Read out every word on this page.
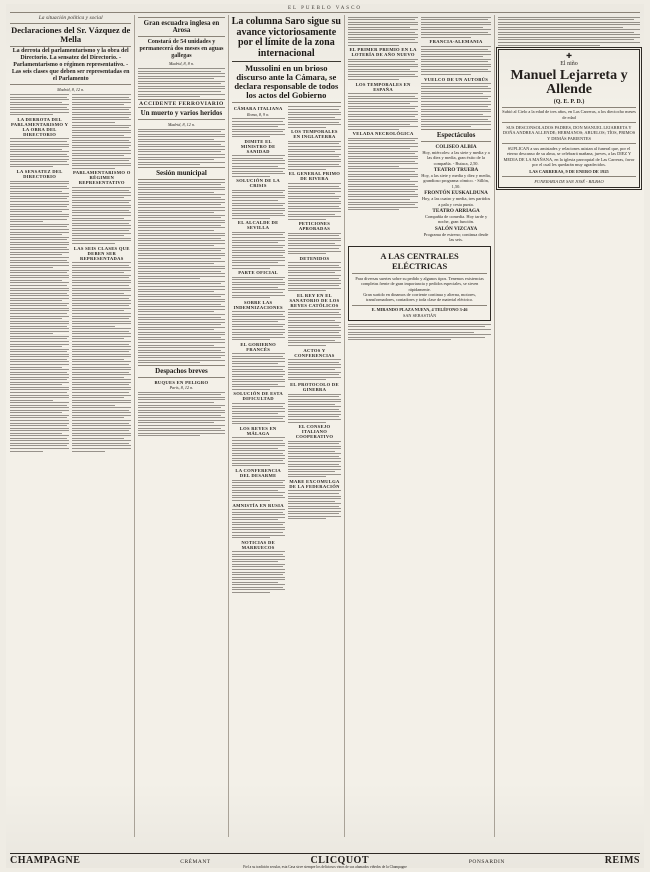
EL PUEBLO VASCO
La situación política y social
Declaraciones del Sr. Vázquez de Mella
La derrota del parlamentarismo y la obra del Directorio. La sensatez del Directorio. - Parlamentarismo o régimen representativo. - Las seis clases que deben ser representadas en el Parlamento
Madrid, 8, 12 n.
LA DERROTA DEL PARLAMENTARISMO Y LA OBRA DEL DIRECTORIO
LA SENSATEZ DEL DIRECTORIO
PARLAMENTARISMO O RÉGIMEN REPRESENTATIVO
LAS SEIS CLASES QUE DEBEN SER REPRESENTADAS
Gran escuadra inglesa en Arosa
Constará de 54 unidades y permanecerá dos meses en aguas gallegas
Madrid, 8, 8 n.
ACCIDENTE FERROVIARIO
Un muerto y varios heridos
Madrid, 8, 12 n.
Sesión municipal
Despachos breves
BUQUES EN PELIGRO
París, 8, 12 n.
La columna Saro sigue su avance victoriosamente por el límite de la zona internacional
Mussolini en un brioso discurso ante la Cámara, se declara responsable de todos los actos del Gobierno
CÁMARA ITALIANA
Roma, 8, 9 n.
DIMITE EL MINISTRO DE SANIDAD
SOLUCIÓN DE LA CRISIS
EL ALCALDE DE SEVILLA
PARTE OFICIAL
SOBRE LAS INDEMNIZACIONES
EL GOBIERNO FRANCÉS
SOLUCIÓN DE ESTA DIFICULTAD
LOS REYES EN MÁLAGA
LA CONFERENCIA DEL DESARME
AMNISTÍA EN RUSIA
NOTICIAS DE MARRUECOS
LOS TEMPORALES EN INGLATERRA
EL GENERAL PRIMO DE RIVERA
PETICIONES APROBADAS
DETENIDOS
EL REY EN EL SANATORIO DE LOS REYES CATÓLICOS
ACTOS Y CONFERENCIAS
EL PROTOCOLO DE GINEBRA
EL CONSEJO ITALIANO COOPERATIVO
MARE EXCOMULGA DE LA FEDERACIÓN
EL PRIMER PREMIO EN LA LOTERÍA DE AÑO NUEVO
LOS TEMPORALES EN ESPAÑA
VELADA NECROLÓGICA
FRANCIA-ALEMANIA
VUELCO DE UN AUTOBÚS
Espectáculos
COLISEO ALBIA
Hoy, miércoles: a las siete y media y a las diez y media, gran éxito de la compañía. - Butaca, 2,50.
TEATRO TRUEBA
Hoy, a las siete y media y diez y media, grandioso programa cómico. - Sillón, 1,50.
FRONTÓN EUSKALDUNA
Hoy, a las cuatro y media, tres partidos a pala y cesta punta.
TEATRO ARRIAGA
Compañía de comedia. Hoy tarde y noche, gran función.
SALÓN VIZCAYA
Programa de estreno; continua desde las seis.
A LAS CENTRALES ELÉCTRICAS
Para diversas suertes sobre su pedido y algunos tipos. Tenemos existencias completas frente de gran importancia y pedidos especiales, se sirven rápidamente.
Gran surtido en dinamos de corriente continua y alterna, motores, transformadores, contadores y toda clase de material eléctrico.
E. MIRANDO PLAZA NUEVA, 4 TELÉFONO 3-46
SAN SEBASTIÁN
✚
El niño
Manuel Lejarreta y Allende
(Q. E. P. D.)
Subió al Cielo a la edad de tres años, en Las Carreras, a los dieciocho meses de edad
SUS DESCONSOLADOS PADRES, DON MANUEL LEJARRETA Y DOÑA ANDREA ALLENDE; HERMANOS; ABUELOS; TÍOS, PRIMOS Y DEMÁS PARIENTES
SUPLICAN a sus amistades y relaciones asistan al funeral que, por el eterno descanso de su alma, se celebrará mañana, jueves, a las DIEZ Y MEDIA DE LA MAÑANA, en la iglesia parroquial de Las Carreras, favor por el cual les quedarán muy agradecidos.
LAS CARRERAS, 9 DE ENERO DE 1925
FUNERARIA DE SAN JOSÉ - BILBAO
CHAMPAGNE	CRÉMANT	CLICQUOT	PONSARDIN	REIMS
Fiel a su tradición secular, esta Casa sirve siempre los deliciosos vinos de sus afamados viñedos de la Champagne
